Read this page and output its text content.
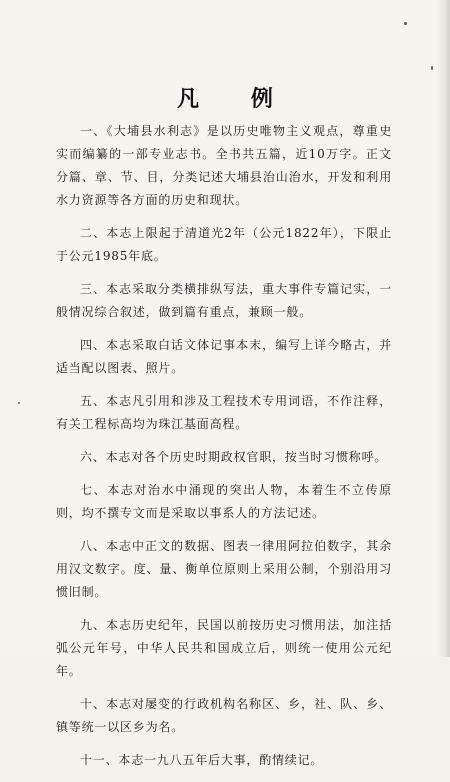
凡 例

一、《大埔县水利志》是以历史唯物主义观点，尊重史实而编纂的一部专业志书。全书共五篇，近10万字。正文分篇、章、节、目，分类记述大埔县治山治水，开发和利用水力资源等各方面的历史和现状。

二、本志上限起于清道光2年（公元1822年），下限止于公元1985年底。

三、本志采取分类横排纵写法，重大事件专篇记实，一般情况综合叙述，做到篇有重点，兼顾一般。

四、本志采取白话文体记事本末，编写上详今略古，并适当配以图表、照片。

五、本志凡引用和涉及工程技术专用词语，不作注释，有关工程标高均为珠江基面高程。

六、本志对各个历史时期政权官职，按当时习惯称呼。

七、本志对治水中涌现的突出人物，本着生不立传原则，均不撰专文而是采取以事系人的方法记述。

八、本志中正文的数据、图表一律用阿拉伯数字，其余用汉文数字。度、量、衡单位原则上采用公制，个别沿用习惯旧制。

九、本志历史纪年，民国以前按历史习惯用法，加注括弧公元年号，中华人民共和国成立后，则统一使用公元纪年。

十、本志对屡变的行政机构名称区、乡，社、队、乡、镇等统一以区乡为名。

十一、本志一九八五年后大事，酌情续记。
